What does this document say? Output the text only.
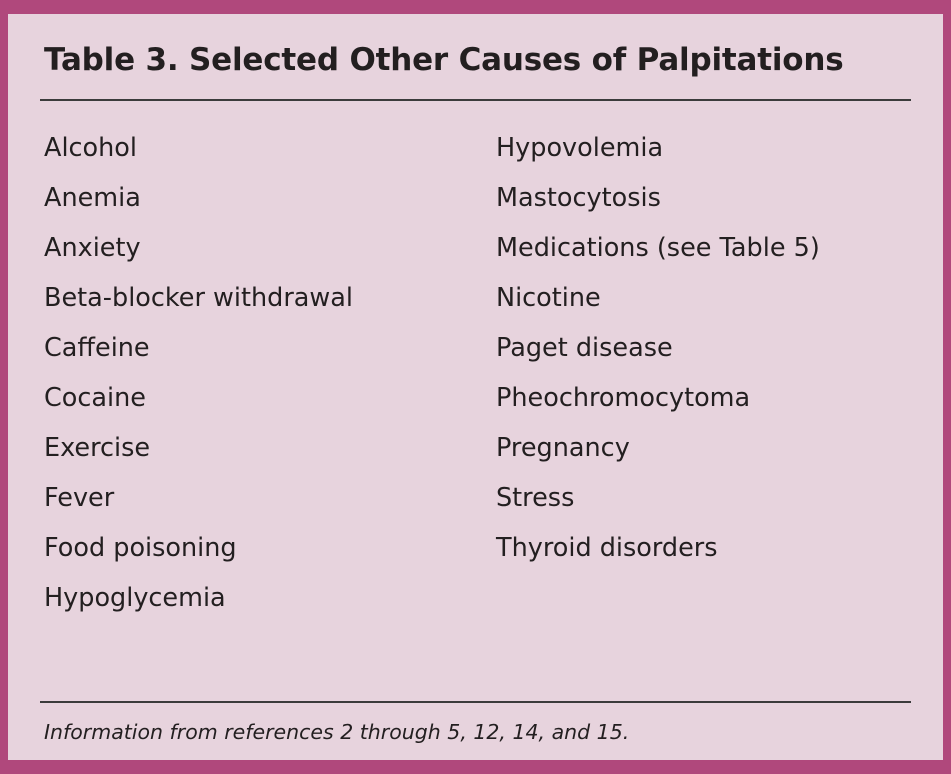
Table 3. Selected Other Causes of Palpitations
Alcohol
Anemia
Anxiety
Beta-blocker withdrawal
Caffeine
Cocaine
Exercise
Fever
Food poisoning
Hypoglycemia
Hypovolemia
Mastocytosis
Medications (see Table 5)
Nicotine
Paget disease
Pheochromocytoma
Pregnancy
Stress
Thyroid disorders
Information from references 2 through 5, 12, 14, and 15.
